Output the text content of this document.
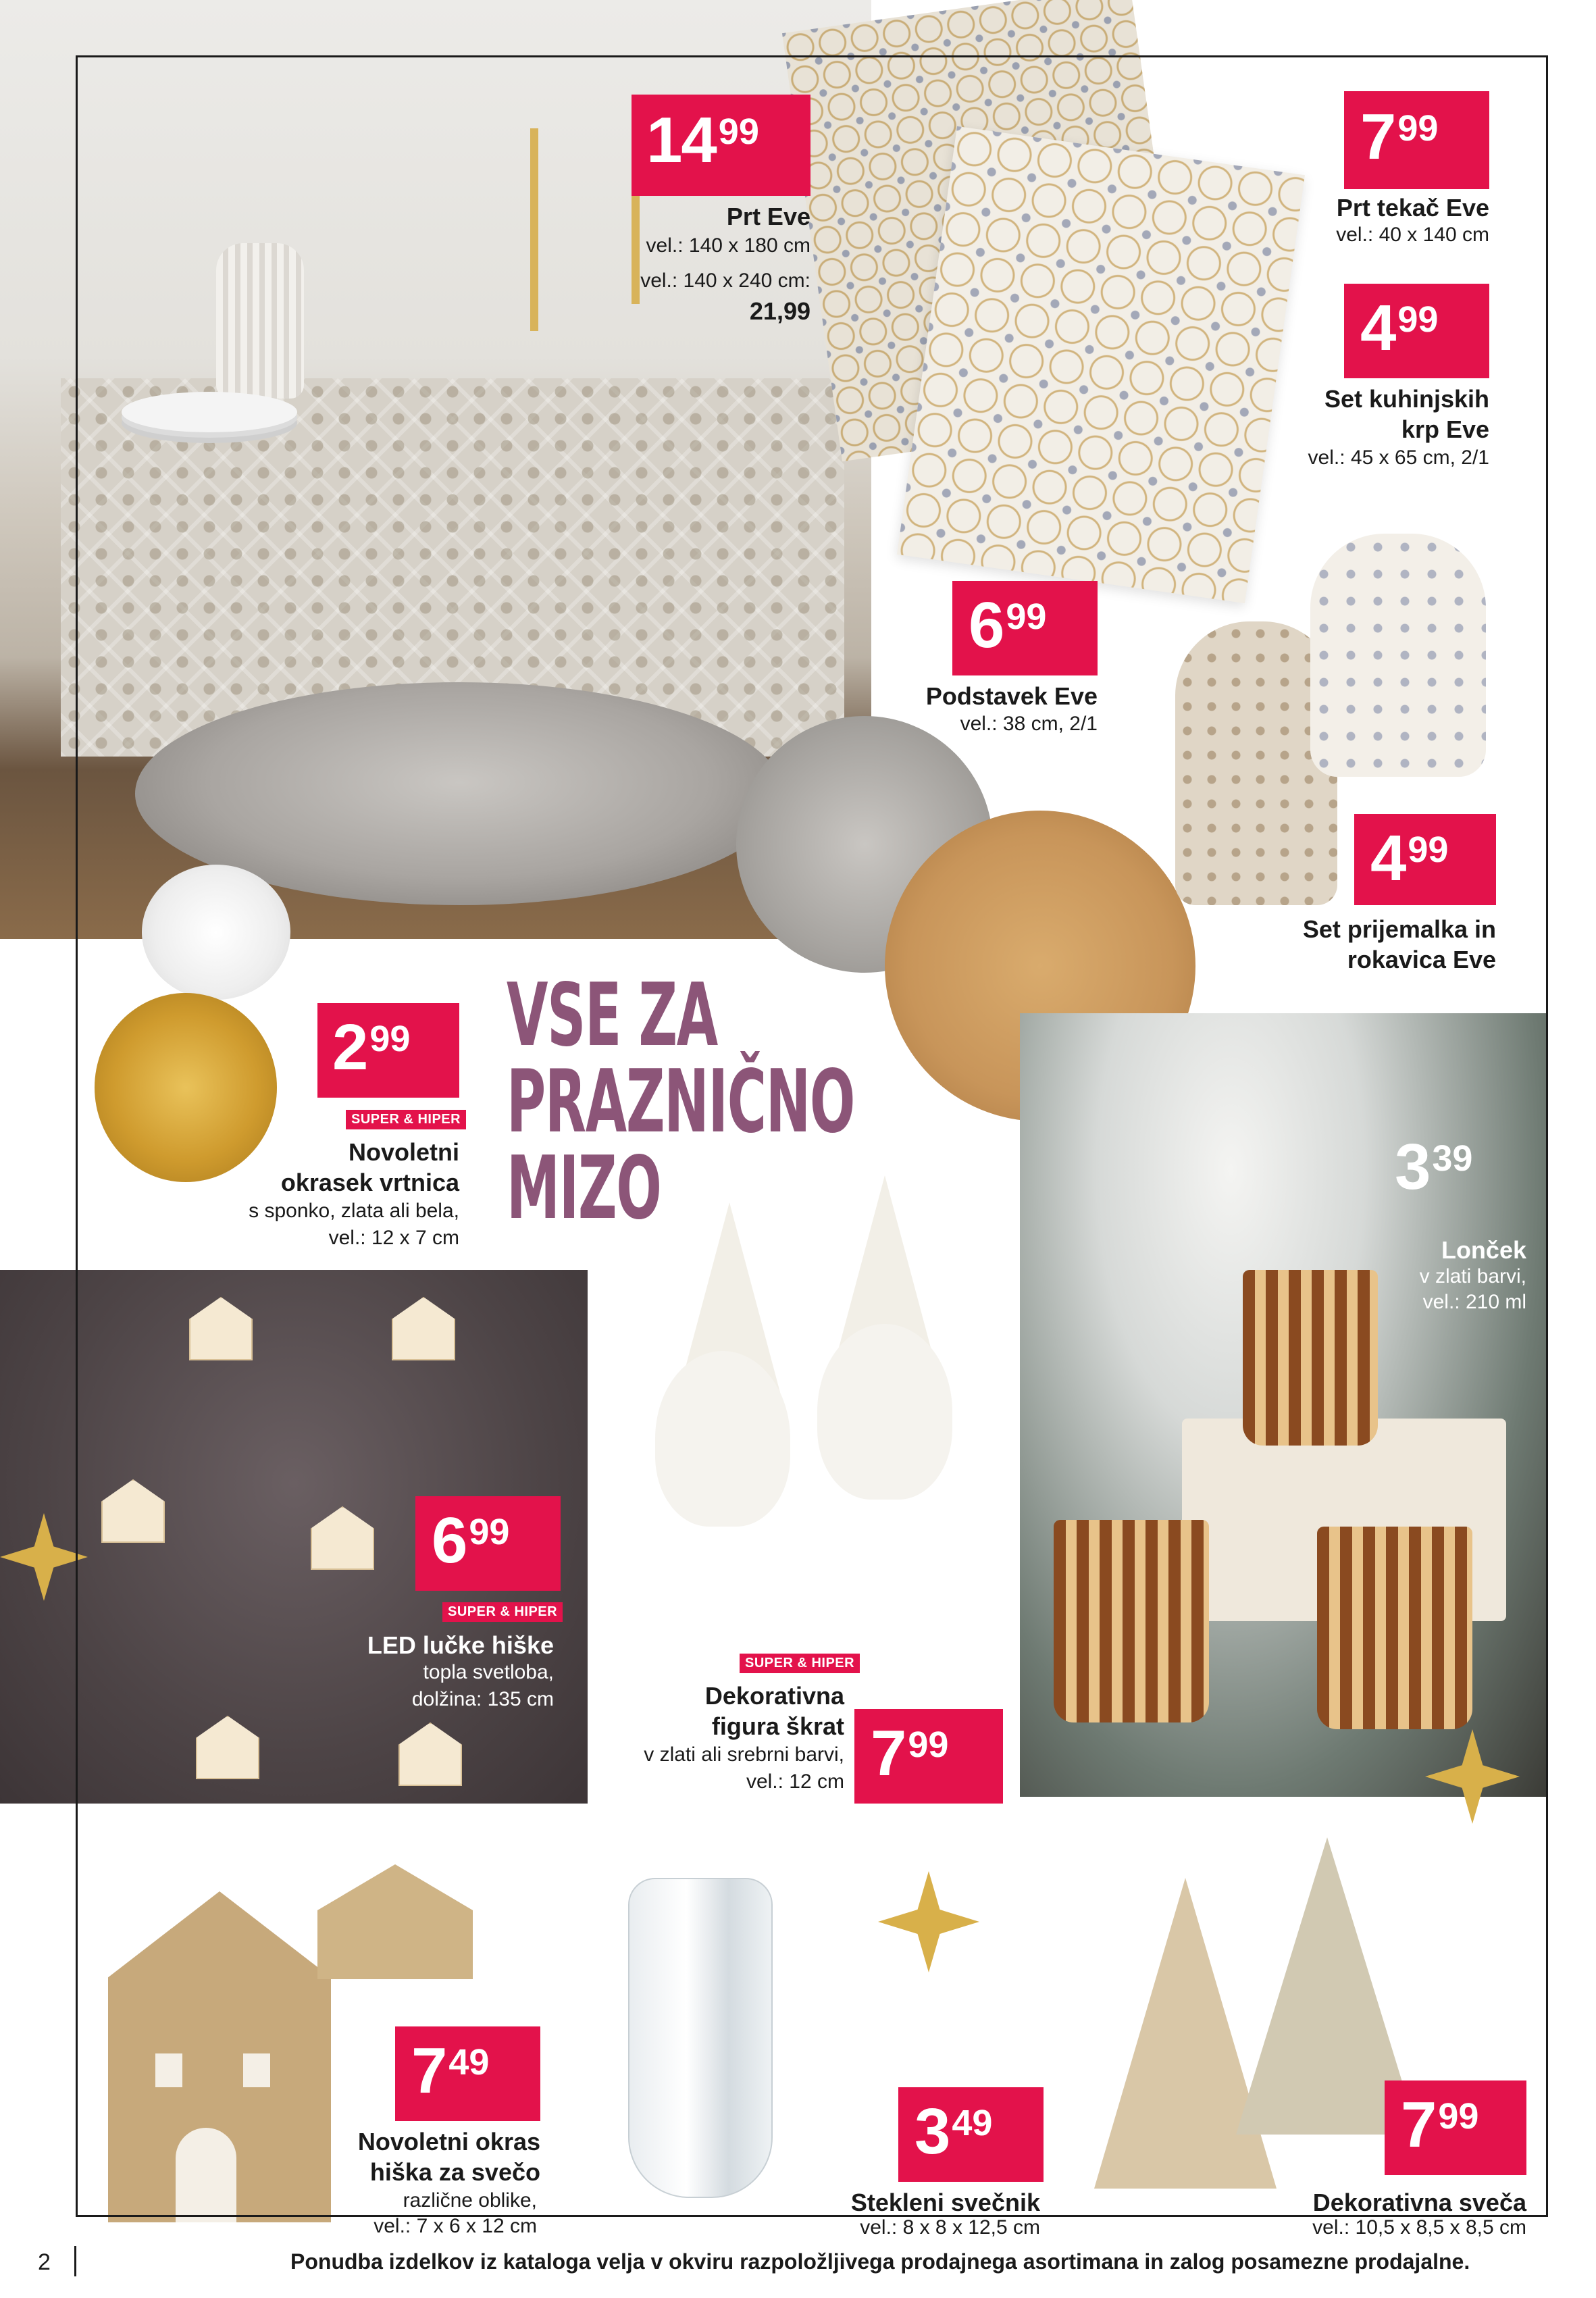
VSE ZA
PRAZNIČNO
MIZO
14 99
Prt Eve
vel.: 140 x 180 cm
vel.: 140 x 240 cm:
21,99
7 99
Prt tekač Eve
vel.: 40 x 140 cm
4 99
Set kuhinjskih
krp Eve
vel.: 45 x 65 cm, 2/1
6 99
Podstavek Eve
vel.: 38 cm, 2/1
4 99
Set prijemalka in
rokavica Eve
2 99
SUPER & HIPER
Novoletni
okrasek vrtnica
s sponko, zlata ali bela,
vel.: 12 x 7 cm
3 39
Lonček
v zlati barvi,
vel.: 210 ml
6 99
SUPER & HIPER
LED lučke hiške
topla svetloba,
dolžina: 135 cm
SUPER & HIPER
Dekorativna
figura škrat
v zlati ali srebrni barvi,
vel.: 12 cm 7 99
7 49
Novoletni okras
hiška za svečo
različne oblike,
vel.: 7 x 6 x 12 cm
3 49
Stekleni svečnik
vel.: 8 x 8 x 12,5 cm
7 99
Dekorativna sveča
vel.: 10,5 x 8,5 x 8,5 cm
2	Ponudba izdelkov iz kataloga velja v okviru razpoložljivega prodajnega asortimana in zalog posamezne prodajalne.
